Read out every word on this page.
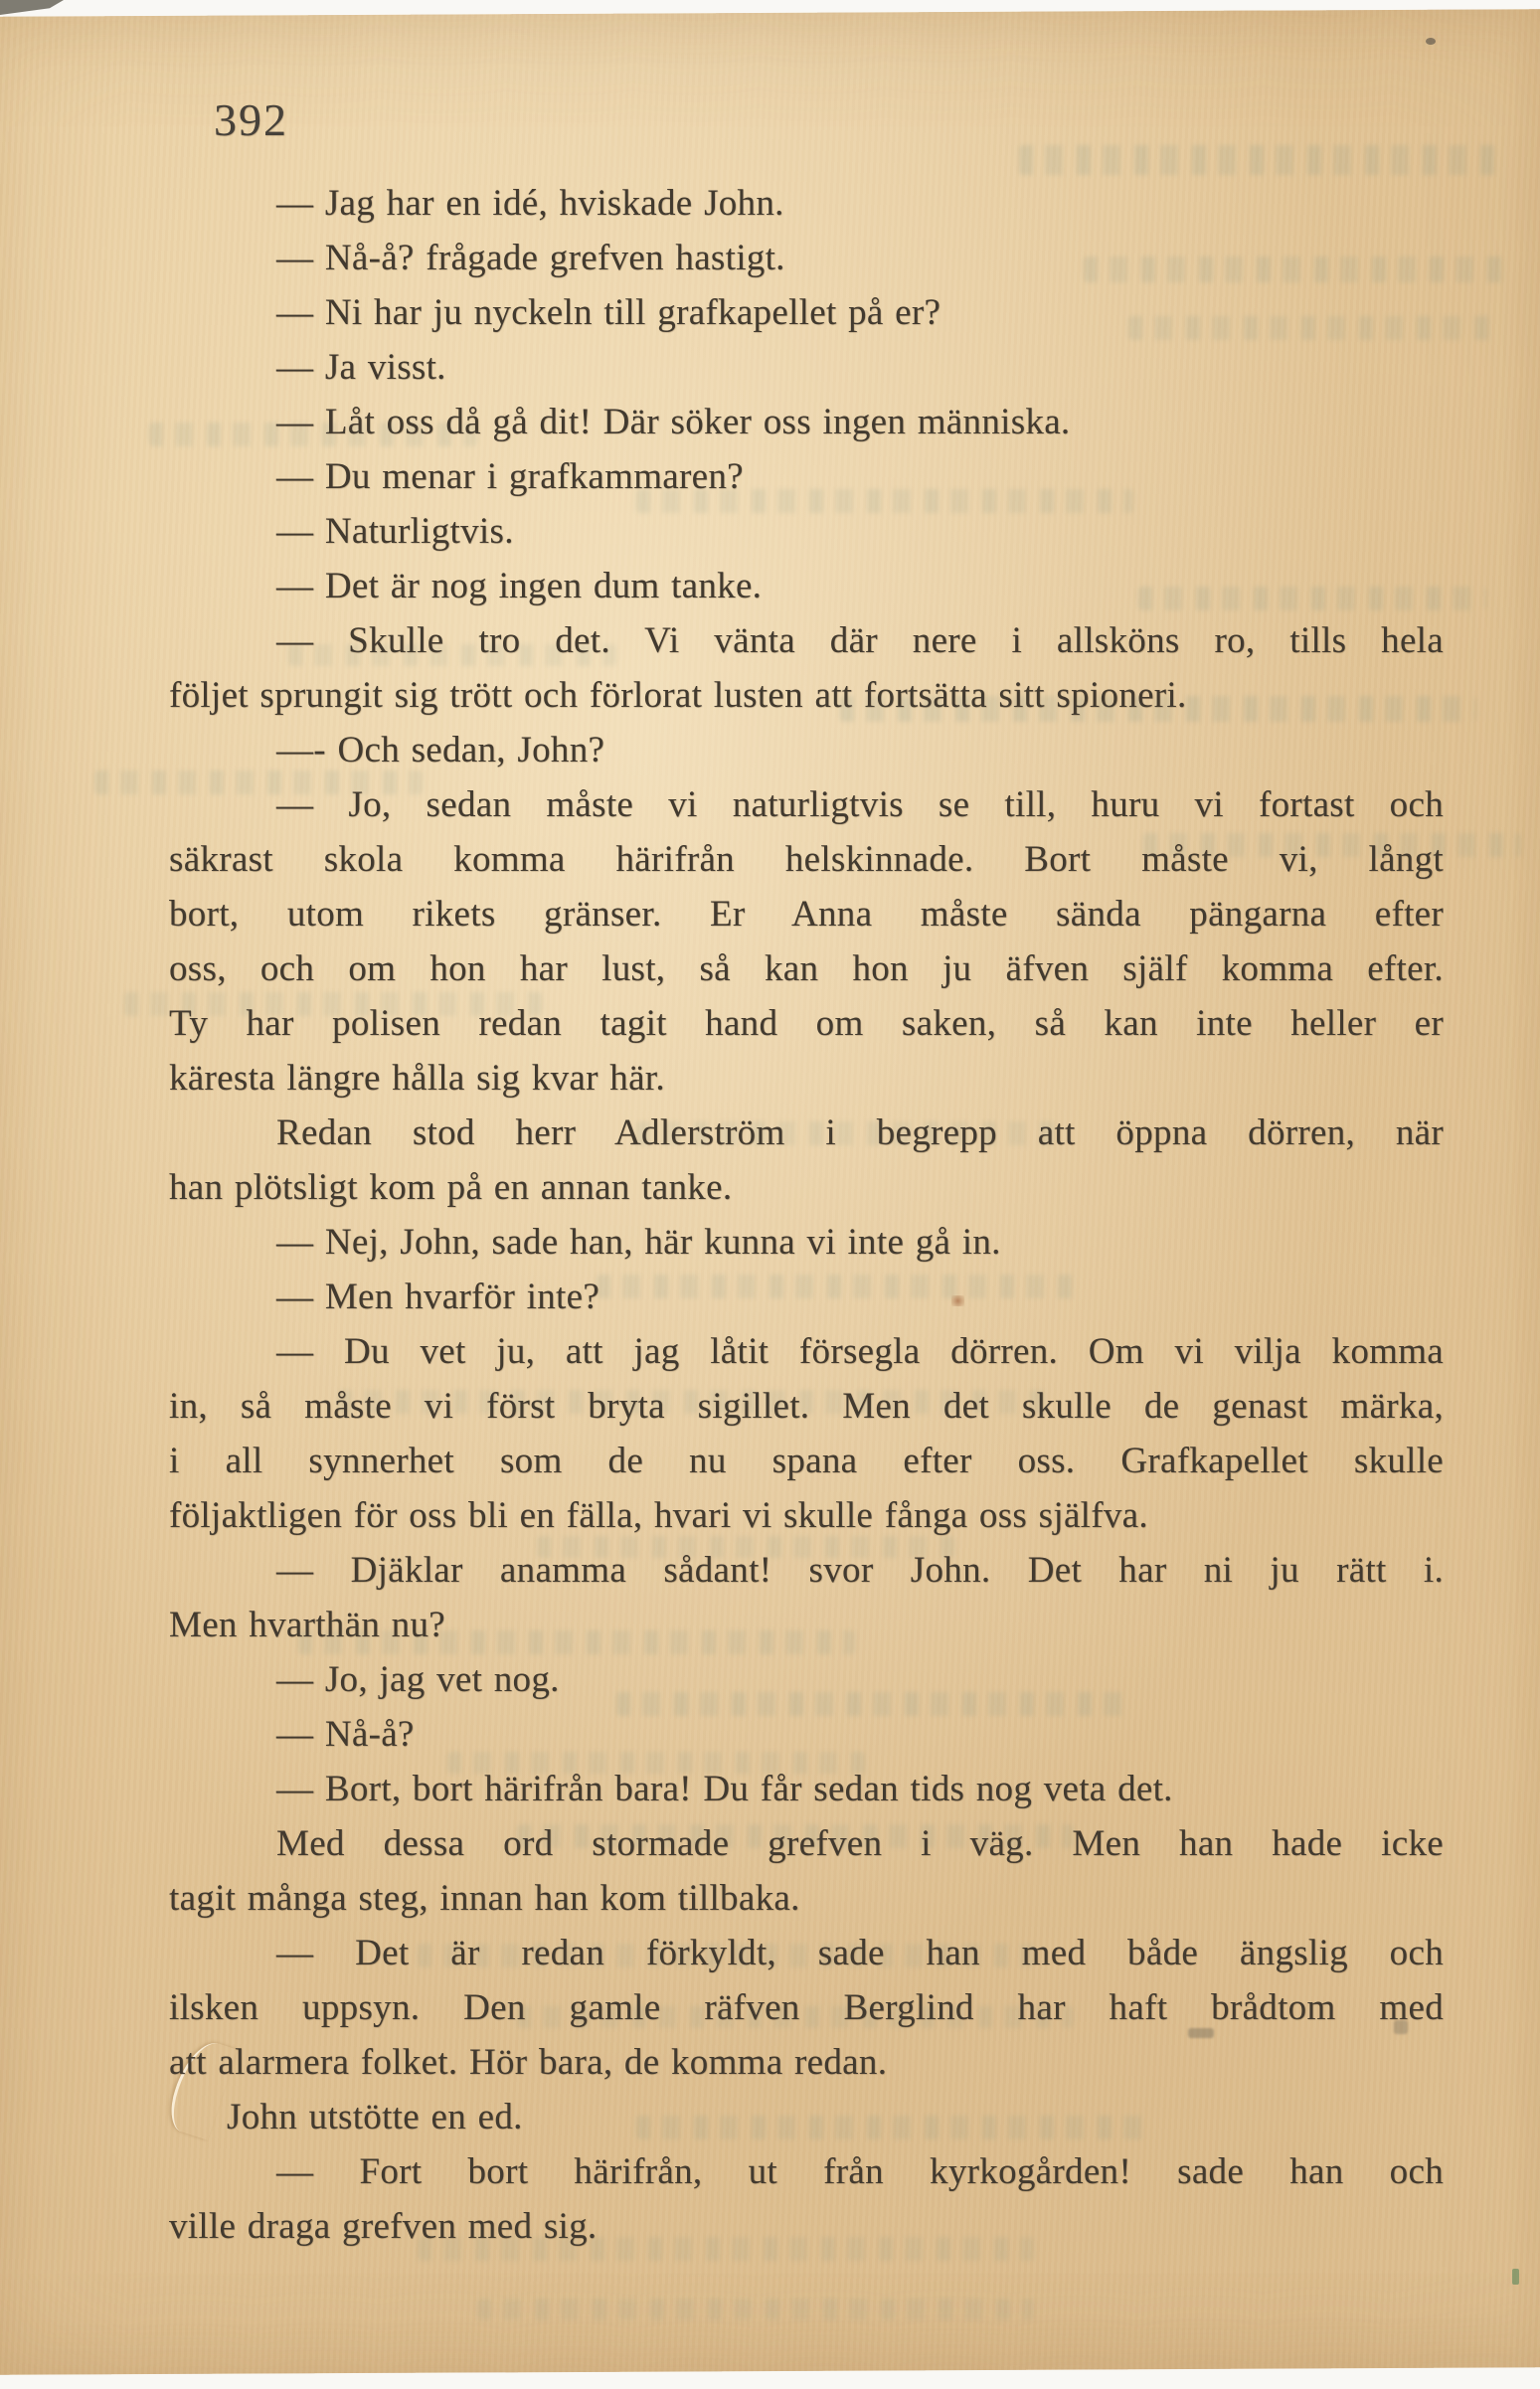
392
— Jag har en idé, hviskade John.
— Nå-å? frågade grefven hastigt.
— Ni har ju nyckeln till grafkapellet på er?
— Ja visst.
— Låt oss då gå dit! Där söker oss ingen människa.
— Du menar i grafkammaren?
— Naturligtvis.
— Det är nog ingen dum tanke.
— Skulle tro det. Vi vänta där nere i allsköns ro, tills hela
följet sprungit sig trött och förlorat lusten att fortsätta sitt spioneri.
—- Och sedan, John?
— Jo, sedan måste vi naturligtvis se till, huru vi fortast och
säkrast skola komma härifrån helskinnade. Bort måste vi, långt
bort, utom rikets gränser. Er Anna måste sända pängarna efter
oss, och om hon har lust, så kan hon ju äfven själf komma efter.
Ty har polisen redan tagit hand om saken, så kan inte heller er
käresta längre hålla sig kvar här.
Redan stod herr Adlerström i begrepp att öppna dörren, när
han plötsligt kom på en annan tanke.
— Nej, John, sade han, här kunna vi inte gå in.
— Men hvarför inte?
— Du vet ju, att jag låtit försegla dörren. Om vi vilja komma
in, så måste vi först bryta sigillet. Men det skulle de genast märka,
i all synnerhet som de nu spana efter oss. Grafkapellet skulle
följaktligen för oss bli en fälla, hvari vi skulle fånga oss själfva.
— Djäklar anamma sådant! svor John. Det har ni ju rätt i.
Men hvarthän nu?
— Jo, jag vet nog.
— Nå-å?
— Bort, bort härifrån bara! Du får sedan tids nog veta det.
Med dessa ord stormade grefven i väg. Men han hade icke
tagit många steg, innan han kom tillbaka.
— Det är redan förkyldt, sade han med både ängslig och
ilsken uppsyn. Den gamle räfven Berglind har haft brådtom med
att alarmera folket. Hör bara, de komma redan.
John utstötte en ed.
— Fort bort härifrån, ut från kyrkogården! sade han och
ville draga grefven med sig.
